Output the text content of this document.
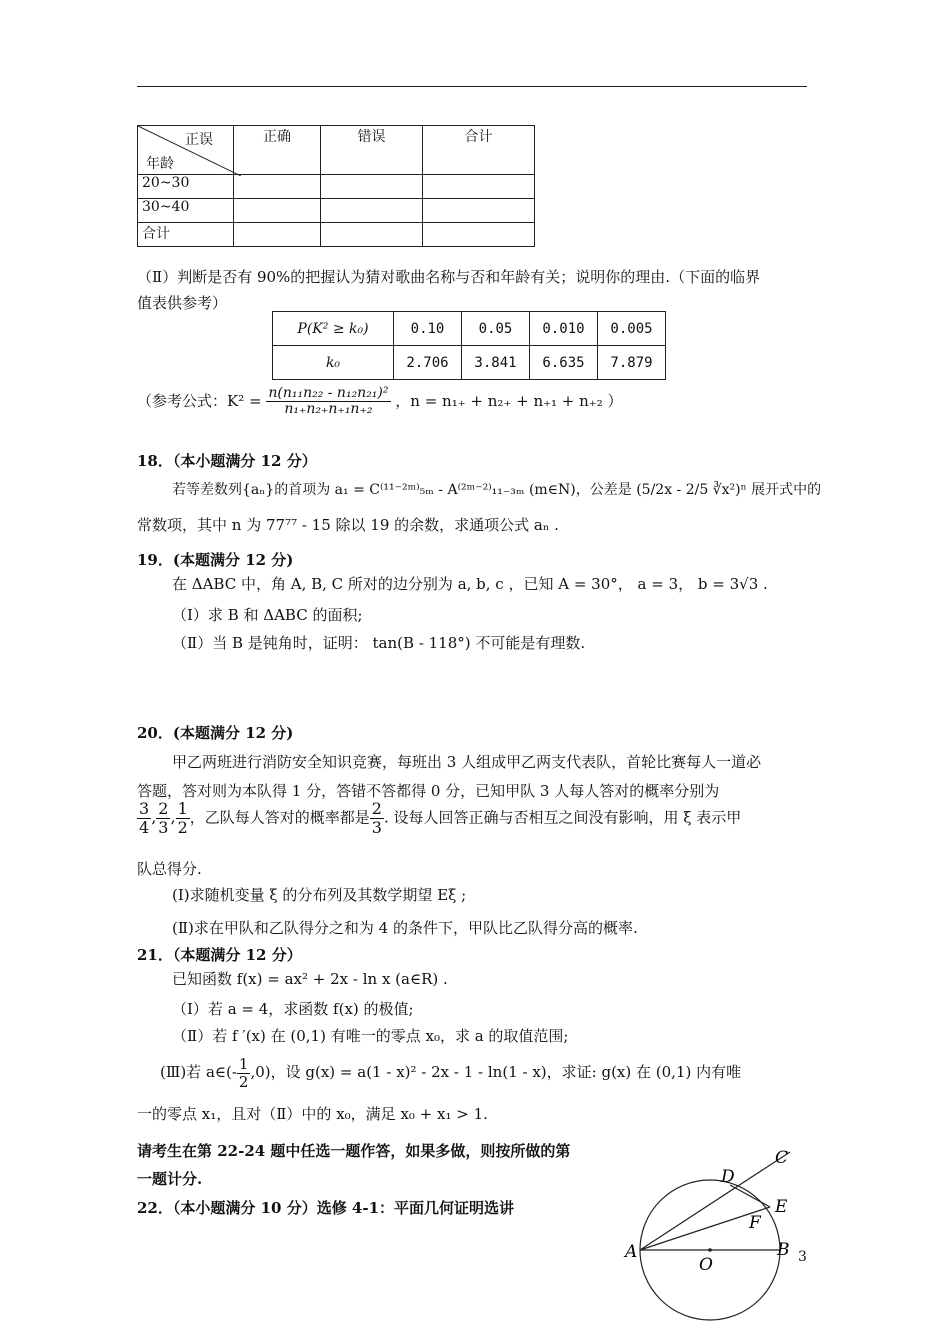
正误
年龄	正确	错误	合计
20~30			
30~40			
合计			
（Ⅱ）判断是否有 90%的把握认为猜对歌曲名称与否和年龄有关；说明你的理由.（下面的临界
值表供参考）
P(K² ≥ k₀)	0.10	0.05	0.010	0.005
k₀	2.706	3.841	6.635	7.879
（参考公式：$K^2 = \frac{\text{n(n₁₁n₂₂ - n₁₂n₂₁)²}}{\text{n₁₊n₂₊n₊₁n₊₂}}$ ，n = n₁₊ + n₂₊ + n₊₁ + n₊₂ ）
18．（本小题满分 12 分）
若等差数列{aₙ}的首项为 a₁ = C⁽¹¹⁻²ᵐ⁾₅ₘ - A⁽²ᵐ⁻²⁾₁₁₋₃ₘ (m∈N)，公差是 (5/2x - 2/5 ∛x²)ⁿ 展开式中的
常数项，其中 n 为 77⁷⁷ - 15 除以 19 的余数，求通项公式 aₙ .
19．(本题满分 12 分)
在 ΔABC 中，角 A, B, C 所对的边分别为 a, b, c ，已知 A = 30°， a = 3， b = 3√3 .
（Ⅰ）求 B 和 ΔABC 的面积;
（Ⅱ）当 B 是钝角时，证明： tan(B - 118°) 不可能是有理数.
20．(本题满分 12 分)
甲乙两班进行消防安全知识竞赛，每班出 3 人组成甲乙两支代表队，首轮比赛每人一道必
答题，答对则为本队得 1 分，答错不答都得 0 分，已知甲队 3 人每人答对的概率分别为
$\frac{3}{4}$ , $\frac{2}{3}$ , $\frac{1}{2}$ ，乙队每人答对的概率都是 $\frac{2}{3}$ . 设每人回答正确与否相互之间没有影响，用 ξ 表示甲
队总得分.
(Ⅰ)求随机变量 ξ 的分布列及其数学期望 Eξ ;
(Ⅱ)求在甲队和乙队得分之和为 4 的条件下，甲队比乙队得分高的概率.
21．（本题满分 12 分）
已知函数 f(x) = ax² + 2x - ln x (a∈R) .
（Ⅰ）若 a = 4，求函数 f(x) 的极值;
（Ⅱ）若 f ′(x) 在 (0,1) 有唯一的零点 x₀，求 a 的取值范围;
(Ⅲ)若 a∈(- $\frac{1}{2} ,0$)，设 g(x) = a(1 - x)² - 2x - 1 - ln(1 - x)，求证: g(x) 在 (0,1) 内有唯
一的零点 x₁，且对（Ⅱ）中的 x₀，满足 x₀ + x₁ > 1.
请考生在第 22-24 题中任选一题作答，如果多做，则按所做的第
一题计分.
22．（本小题满分 10 分）选修 4-1：平面几何证明选讲
C
D
E
F
A	B
O	3
